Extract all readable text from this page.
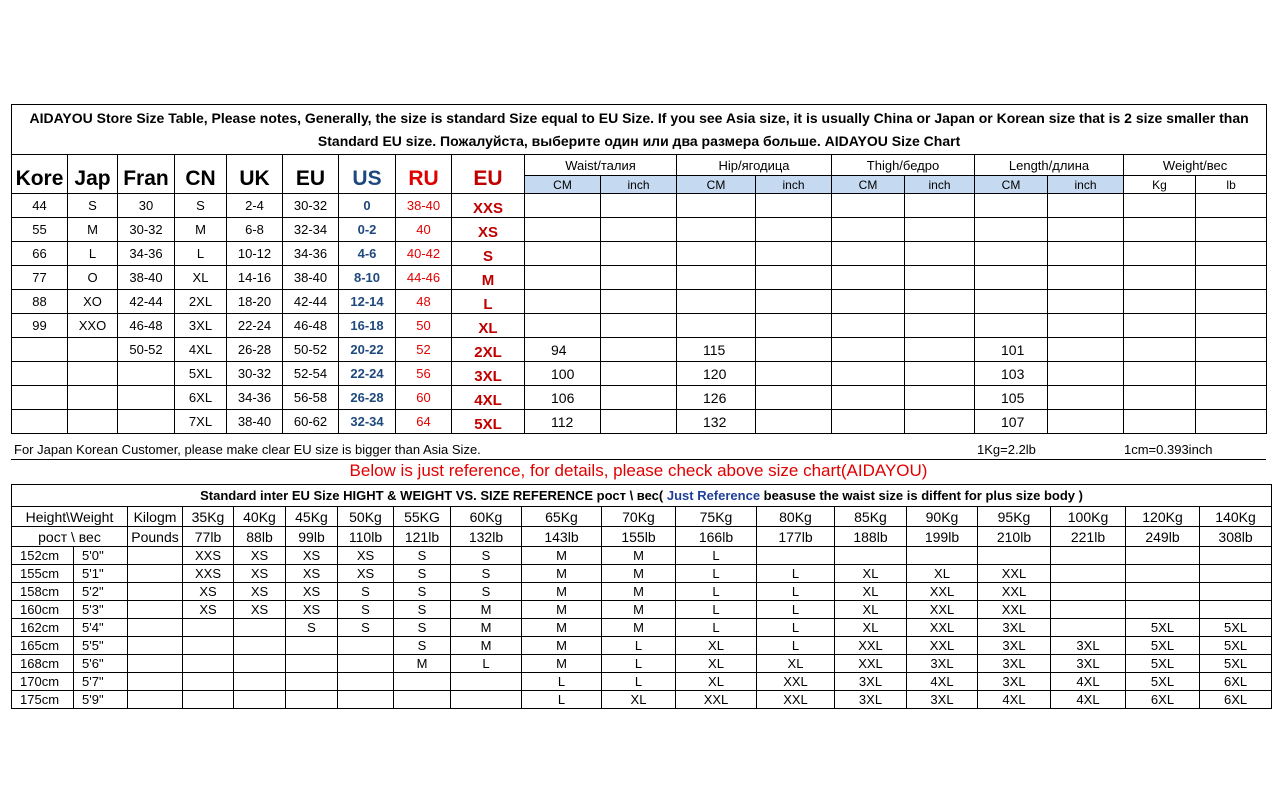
AIDAYOU Store Size Table, Please notes, Generally, the size is standard Size equal to EU Size. If you see Asia size, it is usually China or Japan or Korean size that is 2 size smaller than
Standard EU size. Пожалуйста, выберите один или два размера больше. AIDAYOU Size Chart																		
Kore	Jap	Fran	CN	UK	EU	US	RU	EU	Waist/талия		Hip/ягодица		Thigh/бедро		Length/длина		Weight/вес	
									CM	inch	CM	inch	CM	inch	CM	inch	Kg	lb
44	S	30	S	2-4	30-32	0	38-40	XXS										
55	M	30-32	M	6-8	32-34	0-2	40	XS										
66	L	34-36	L	10-12	34-36	4-6	40-42	S										
77	O	38-40	XL	14-16	38-40	8-10	44-46	M										
88	XO	42-44	2XL	18-20	42-44	12-14	48	L										
99	XXO	46-48	3XL	22-24	46-48	16-18	50	XL										
		50-52	4XL	26-28	50-52	20-22	52	2XL	94		115				101			
			5XL	30-32	52-54	22-24	56	3XL	100		120				103			
			6XL	34-36	56-58	26-28	60	4XL	106		126				105			
			7XL	38-40	60-62	32-34	64	5XL	112		132				107			
For Japan Korean Customer, please make clear EU size is bigger than Asia Size.	1Kg=2.2lb	1cm=0.393inch
Below is just reference, for details, please check above size chart(AIDAYOU)
Standard inter EU Size HIGHT & WEIGHT VS. SIZE REFERENCE рост \ вес( Just Reference beasuse the waist size is diffent for plus size body )																		
Height\Weight		Kilogm	35Kg	40Kg	45Kg	50Kg	55KG	60Kg	65Kg	70Kg	75Kg	80Kg	85Kg	90Kg	95Kg	100Kg	120Kg	140Kg
рост \ вес		Pounds	77lb	88lb	99lb	110lb	121lb	132lb	143lb	155lb	166lb	177lb	188lb	199lb	210lb	221lb	249lb	308lb
152cm	5'0''		XXS	XS	XS	XS	S	S	M	M	L							
155cm	5'1"		XXS	XS	XS	XS	S	S	M	M	L	L	XL	XL	XXL			
158cm	5'2"		XS	XS	XS	S	S	S	M	M	L	L	XL	XXL	XXL			
160cm	5'3"		XS	XS	XS	S	S	M	M	M	L	L	XL	XXL	XXL			
162cm	5'4"				S	S	S	M	M	M	L	L	XL	XXL	3XL		5XL	5XL
165cm	5'5"						S	M	M	L	XL	L	XXL	XXL	3XL	3XL	5XL	5XL
168cm	5'6"						M	L	M	L	XL	XL	XXL	3XL	3XL	3XL	5XL	5XL
170cm	5'7"								L	L	XL	XXL	3XL	4XL	3XL	4XL	5XL	6XL
175cm	5'9"								L	XL	XXL	XXL	3XL	3XL	4XL	4XL	6XL	6XL
